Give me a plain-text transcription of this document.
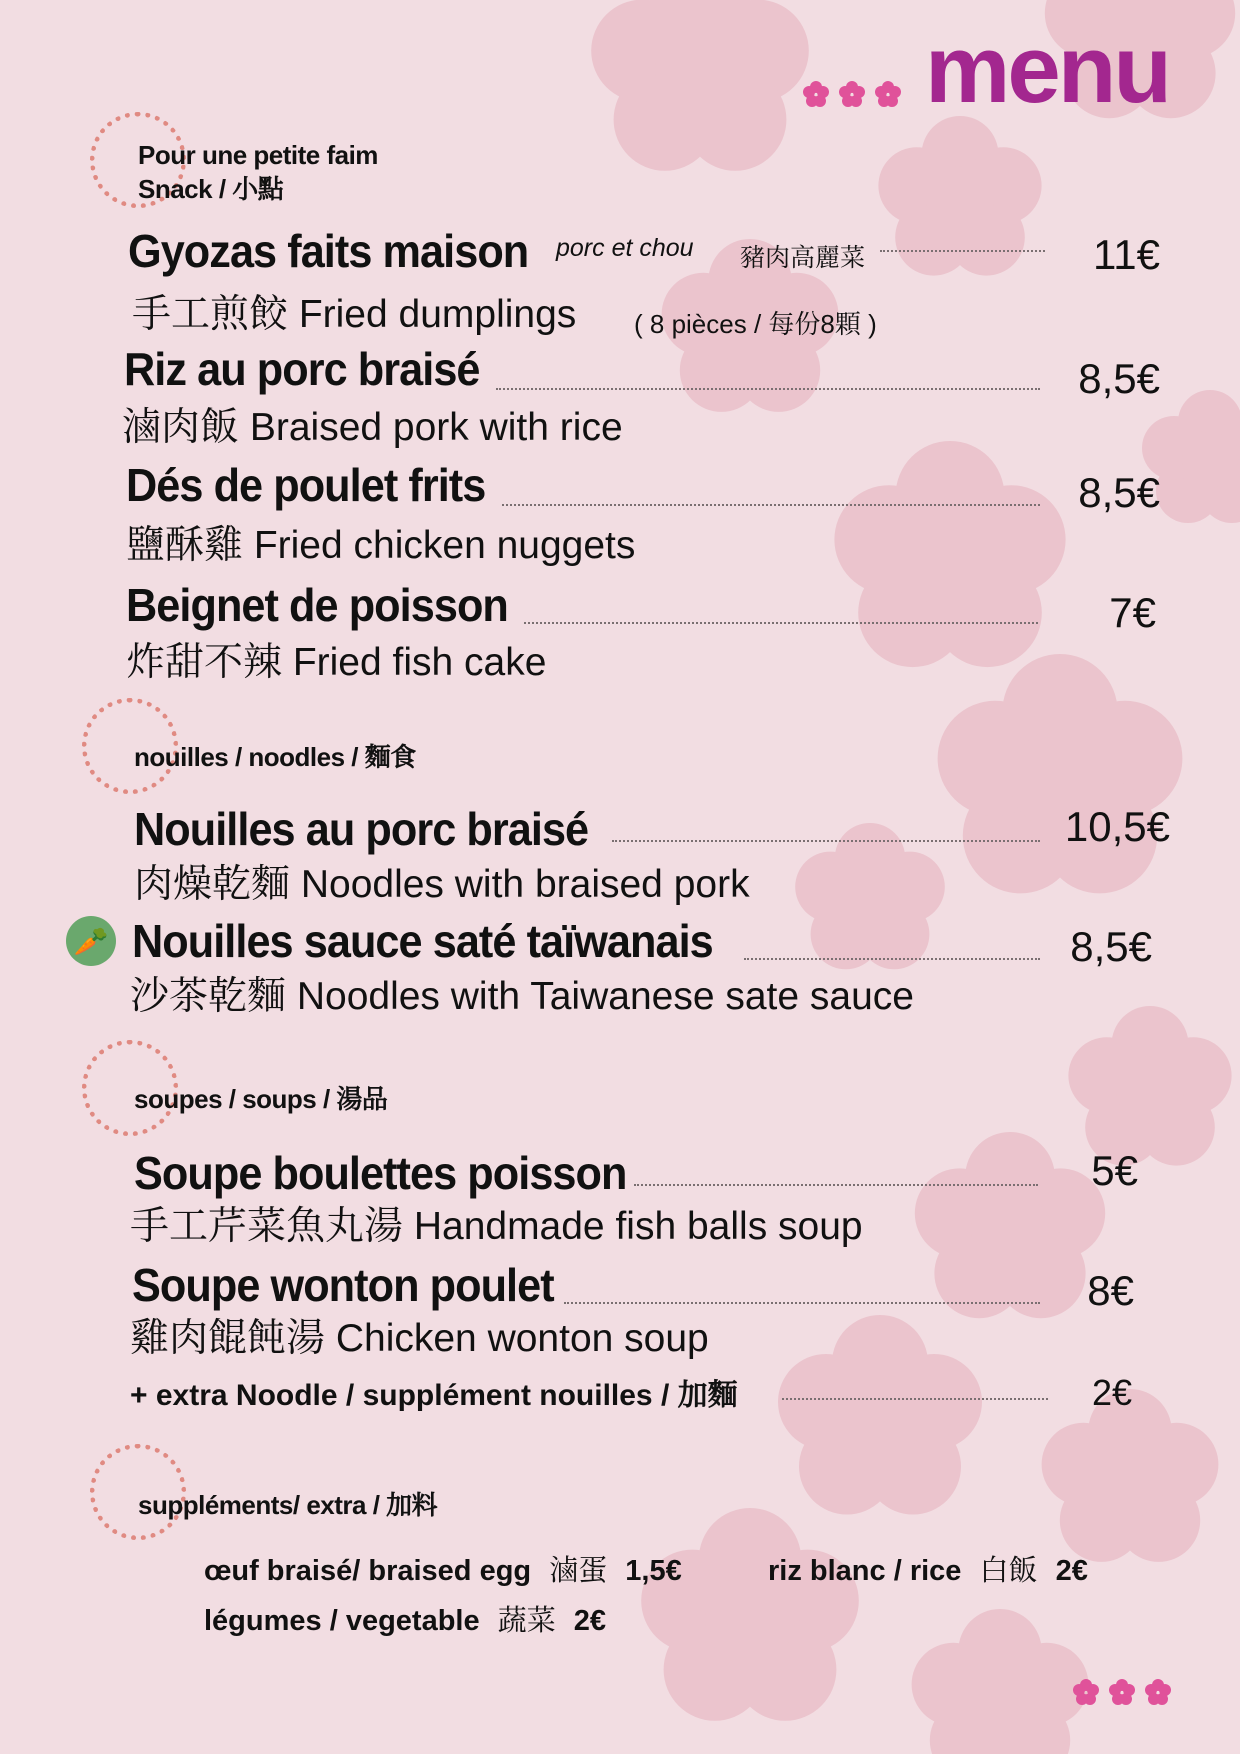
menu
Pour une petite faim
Snack / 小點
Gyozas faits maison porc et chou 豬肉高麗菜	11€
手工煎餃 Fried dumplings ( 8 pièces / 每份8顆 )
Riz au porc braisé	8,5€
滷肉飯 Braised pork with rice
Dés de poulet frits	8,5€
鹽酥雞 Fried chicken nuggets
Beignet de poisson	7€
炸甜不辣 Fried fish cake
nouilles / noodles / 麵食
Nouilles au porc braisé	10,5€
肉燥乾麵 Noodles with braised pork
🥕 Nouilles sauce saté taïwanais	8,5€
沙茶乾麵 Noodles with Taiwanese sate sauce
soupes / soups / 湯品
Soupe boulettes poisson	5€
手工芹菜魚丸湯 Handmade fish balls soup
Soupe wonton poulet	8€
雞肉餛飩湯 Chicken wonton soup
+ extra Noodle / supplément nouilles / 加麵	2€
suppléments/ extra / 加料
œuf braisé/ braised egg 滷蛋 1,5€	riz blanc / rice 白飯 2€
légumes / vegetable 蔬菜 2€
